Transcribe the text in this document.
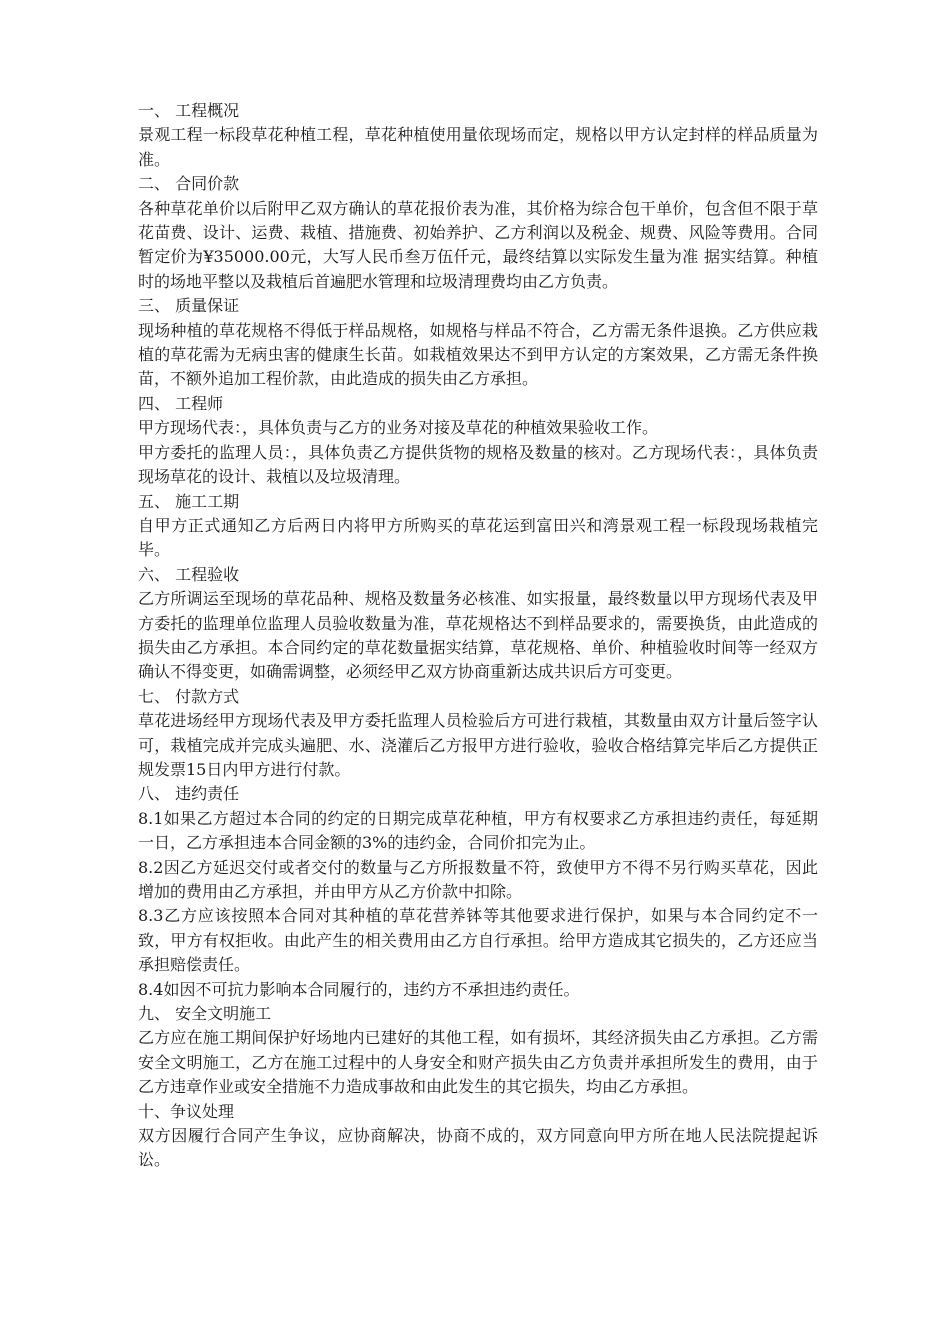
一、 工程概况

景观工程一标段草花种植工程，草花种植使用量依现场而定，规格以甲方认定封样的样品质量为准。

二、 合同价款

各种草花单价以后附甲乙双方确认的草花报价表为准，其价格为综合包干单价，包含但不限于草花苗费、设计、运费、栽植、措施费、初始养护、乙方利润以及税金、规费、风险等费用。合同暂定价为¥35000.00元，大写人民币叁万伍仟元，最终结算以实际发生量为准 据实结算。种植时的场地平整以及栽植后首遍肥水管理和垃圾清理费均由乙方负责。

三、 质量保证

现场种植的草花规格不得低于样品规格，如规格与样品不符合，乙方需无条件退换。乙方供应栽植的草花需为无病虫害的健康生长苗。如栽植效果达不到甲方认定的方案效果，乙方需无条件换苗，不额外追加工程价款，由此造成的损失由乙方承担。

四、 工程师

甲方现场代表：，具体负责与乙方的业务对接及草花的种植效果验收工作。

甲方委托的监理人员：，具体负责乙方提供货物的规格及数量的核对。乙方现场代表：，具体负责现场草花的设计、栽植以及垃圾清理。

五、 施工工期

自甲方正式通知乙方后两日内将甲方所购买的草花运到富田兴和湾景观工程一标段现场栽植完毕。

六、 工程验收

乙方所调运至现场的草花品种、规格及数量务必核准、如实报量，最终数量以甲方现场代表及甲方委托的监理单位监理人员验收数量为准，草花规格达不到样品要求的，需要换货，由此造成的损失由乙方承担。本合同约定的草花数量据实结算，草花规格、单价、种植验收时间等一经双方确认不得变更，如确需调整，必须经甲乙双方协商重新达成共识后方可变更。

七、 付款方式

草花进场经甲方现场代表及甲方委托监理人员检验后方可进行栽植，其数量由双方计量后签字认可，栽植完成并完成头遍肥、水、浇灌后乙方报甲方进行验收，验收合格结算完毕后乙方提供正规发票15日内甲方进行付款。

八、 违约责任

8.1如果乙方超过本合同的约定的日期完成草花种植，甲方有权要求乙方承担违约责任，每延期一日，乙方承担违本合同金额的3%的违约金，合同价扣完为止。

8.2因乙方延迟交付或者交付的数量与乙方所报数量不符，致使甲方不得不另行购买草花，因此增加的费用由乙方承担，并由甲方从乙方价款中扣除。

8.3乙方应该按照本合同对其种植的草花营养钵等其他要求进行保护，如果与本合同约定不一致，甲方有权拒收。由此产生的相关费用由乙方自行承担。给甲方造成其它损失的，乙方还应当承担赔偿责任。

8.4如因不可抗力影响本合同履行的，违约方不承担违约责任。

九、 安全文明施工

乙方应在施工期间保护好场地内已建好的其他工程，如有损坏，其经济损失由乙方承担。乙方需安全文明施工，乙方在施工过程中的人身安全和财产损失由乙方负责并承担所发生的费用，由于乙方违章作业或安全措施不力造成事故和由此发生的其它损失，均由乙方承担。

十、争议处理

双方因履行合同产生争议，应协商解决，协商不成的，双方同意向甲方所在地人民法院提起诉讼。
